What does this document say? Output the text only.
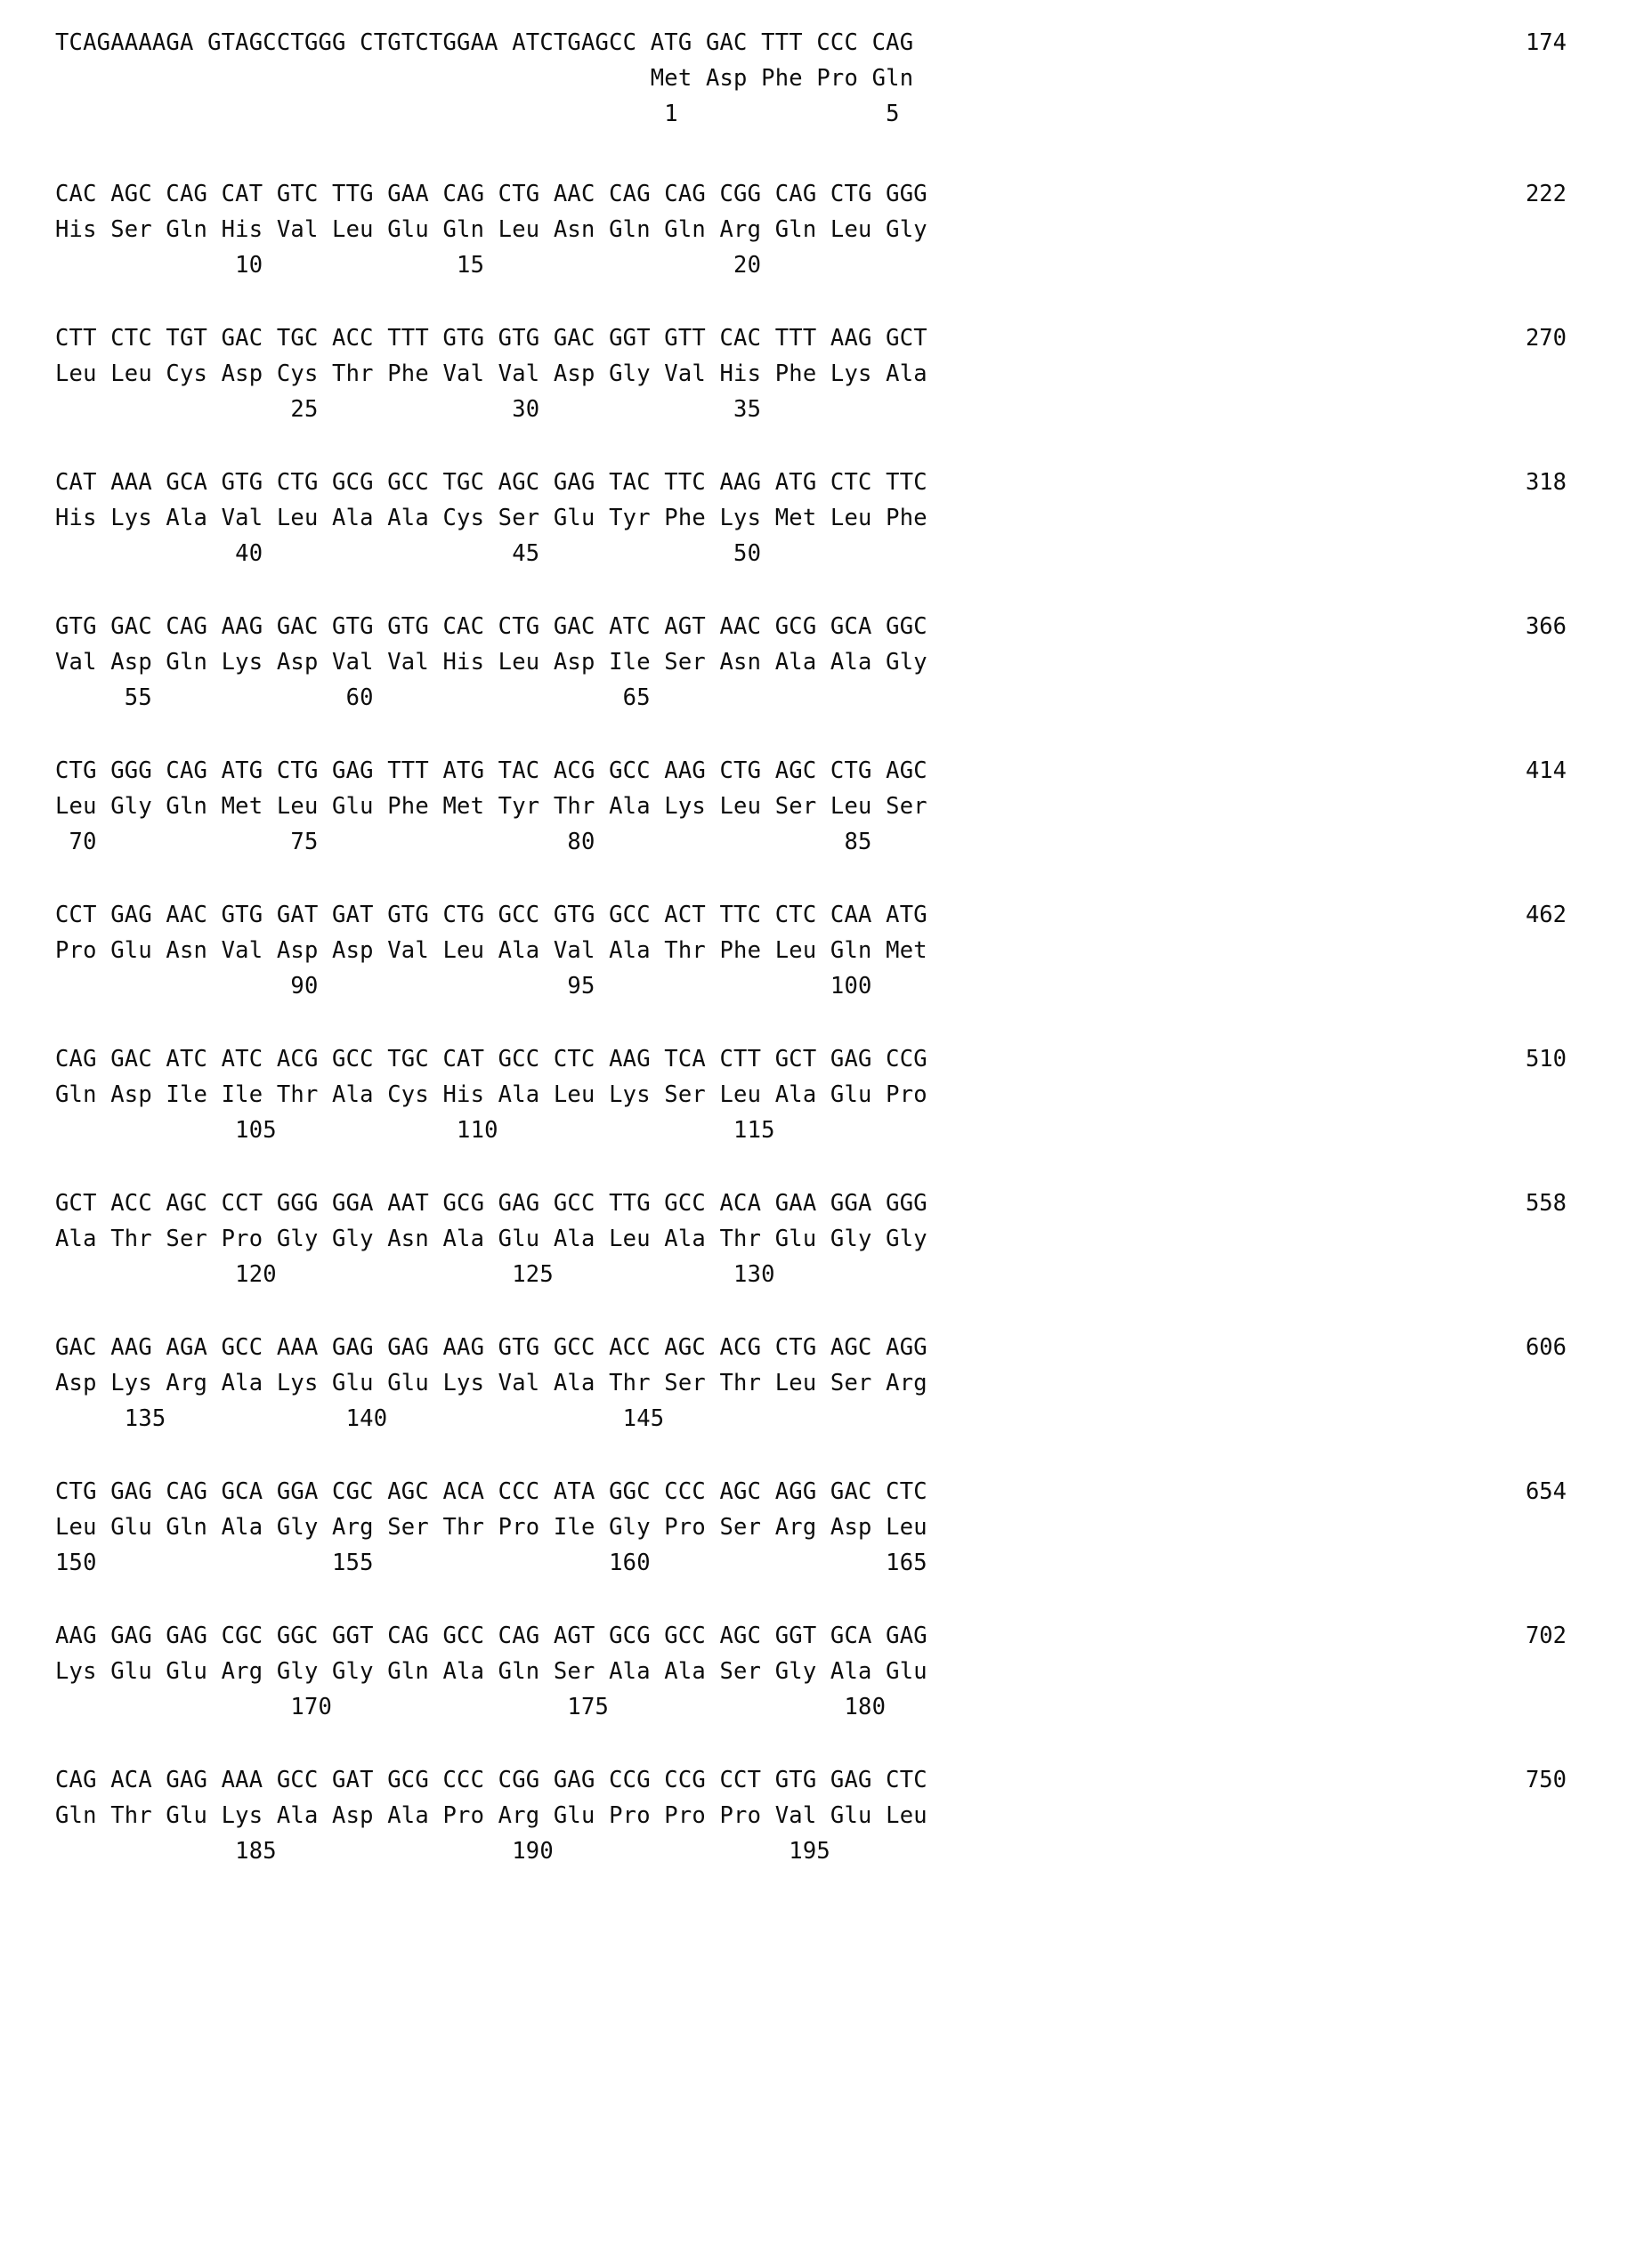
TCAGAAAAGA GTAGCCTGGG CTGTCTGGAA ATCTGAGCC ATG GAC TTT CCC CAG
Met Asp Phe Pro Gln
1               5
174
CAC AGC CAG CAT GTC TTG GAA CAG CTG AAC CAG CAG CGG CAG CTG GGG
His Ser Gln His Val Leu Glu Gln Leu Asn Gln Gln Arg Gln Leu Gly
10              15                  20
222
CTT CTC TGT GAC TGC ACC TTT GTG GTG GAC GGT GTT CAC TTT AAG GCT
Leu Leu Cys Asp Cys Thr Phe Val Val Asp Gly Val His Phe Lys Ala
25              30              35
270
CAT AAA GCA GTG CTG GCG GCC TGC AGC GAG TAC TTC AAG ATG CTC TTC
His Lys Ala Val Leu Ala Ala Cys Ser Glu Tyr Phe Lys Met Leu Phe
40                  45              50
318
GTG GAC CAG AAG GAC GTG GTG CAC CTG GAC ATC AGT AAC GCG GCA GGC
Val Asp Gln Lys Asp Val Val His Leu Asp Ile Ser Asn Ala Ala Gly
55              60                  65
366
CTG GGG CAG ATG CTG GAG TTT ATG TAC ACG GCC AAG CTG AGC CTG AGC
Leu Gly Gln Met Leu Glu Phe Met Tyr Thr Ala Lys Leu Ser Leu Ser
70              75                  80                  85
414
CCT GAG AAC GTG GAT GAT GTG CTG GCC GTG GCC ACT TTC CTC CAA ATG
Pro Glu Asn Val Asp Asp Val Leu Ala Val Ala Thr Phe Leu Gln Met
90                  95                 100
462
CAG GAC ATC ATC ACG GCC TGC CAT GCC CTC AAG TCA CTT GCT GAG CCG
Gln Asp Ile Ile Thr Ala Cys His Ala Leu Lys Ser Leu Ala Glu Pro
105             110                 115
510
GCT ACC AGC CCT GGG GGA AAT GCG GAG GCC TTG GCC ACA GAA GGA GGG
Ala Thr Ser Pro Gly Gly Asn Ala Glu Ala Leu Ala Thr Glu Gly Gly
120                 125             130
558
GAC AAG AGA GCC AAA GAG GAG AAG GTG GCC ACC AGC ACG CTG AGC AGG
Asp Lys Arg Ala Lys Glu Glu Lys Val Ala Thr Ser Thr Leu Ser Arg
135             140                 145
606
CTG GAG CAG GCA GGA CGC AGC ACA CCC ATA GGC CCC AGC AGG GAC CTC
Leu Glu Gln Ala Gly Arg Ser Thr Pro Ile Gly Pro Ser Arg Asp Leu
150                 155                 160                 165
654
AAG GAG GAG CGC GGC GGT CAG GCC CAG AGT GCG GCC AGC GGT GCA GAG
Lys Glu Glu Arg Gly Gly Gln Ala Gln Ser Ala Ala Ser Gly Ala Glu
170                 175                 180
702
CAG ACA GAG AAA GCC GAT GCG CCC CGG GAG CCG CCG CCT GTG GAG CTC
Gln Thr Glu Lys Ala Asp Ala Pro Arg Glu Pro Pro Pro Val Glu Leu
185                 190                 195
750
